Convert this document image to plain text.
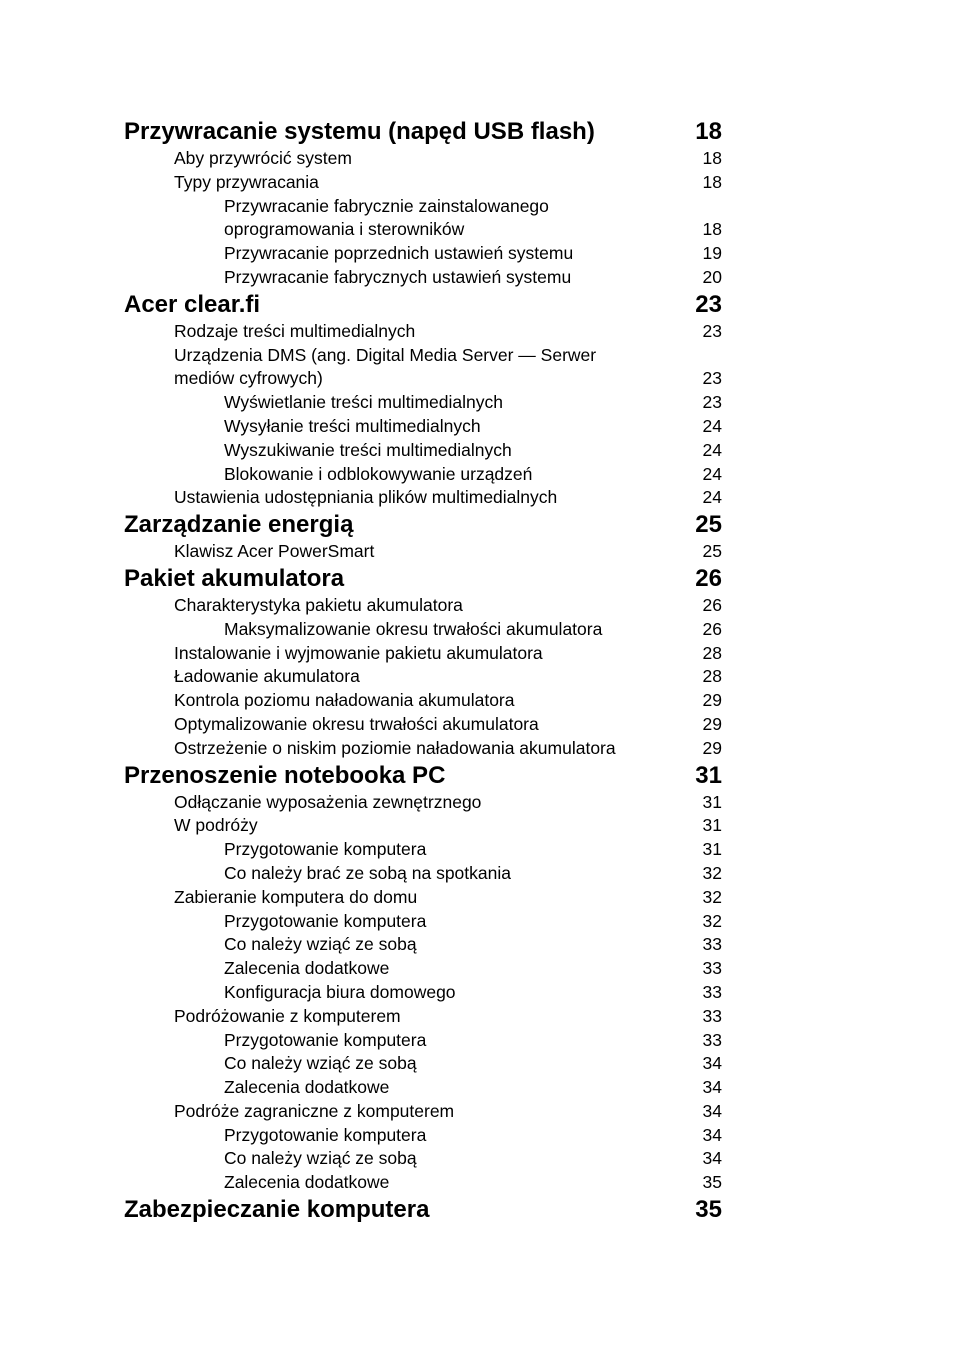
Przywracanie systemu (napęd USB flash)	18
Aby przywrócić system	18
Typy przywracania	18
Przywracanie fabrycznie zainstalowanego
oprogramowania i sterowników	18
Przywracanie poprzednich ustawień systemu	19
Przywracanie fabrycznych ustawień systemu	20
Acer clear.fi	23
Rodzaje treści multimedialnych	23
Urządzenia DMS (ang. Digital Media Server — Serwer
mediów cyfrowych)	23
Wyświetlanie treści multimedialnych	23
Wysyłanie treści multimedialnych	24
Wyszukiwanie treści multimedialnych	24
Blokowanie i odblokowywanie urządzeń	24
Ustawienia udostępniania plików multimedialnych	24
Zarządzanie energią	25
Klawisz Acer PowerSmart	25
Pakiet akumulatora	26
Charakterystyka pakietu akumulatora	26
Maksymalizowanie okresu trwałości akumulatora	26
Instalowanie i wyjmowanie pakietu akumulatora	28
Ładowanie akumulatora	28
Kontrola poziomu naładowania akumulatora	29
Optymalizowanie okresu trwałości akumulatora	29
Ostrzeżenie o niskim poziomie naładowania akumulatora	29
Przenoszenie notebooka PC	31
Odłączanie wyposażenia zewnętrznego	31
W podróży	31
Przygotowanie komputera	31
Co należy brać ze sobą na spotkania	32
Zabieranie komputera do domu	32
Przygotowanie komputera	32
Co należy wziąć ze sobą	33
Zalecenia dodatkowe	33
Konfiguracja biura domowego	33
Podróżowanie z komputerem	33
Przygotowanie komputera	33
Co należy wziąć ze sobą	34
Zalecenia dodatkowe	34
Podróże zagraniczne z komputerem	34
Przygotowanie komputera	34
Co należy wziąć ze sobą	34
Zalecenia dodatkowe	35
Zabezpieczanie komputera	35
